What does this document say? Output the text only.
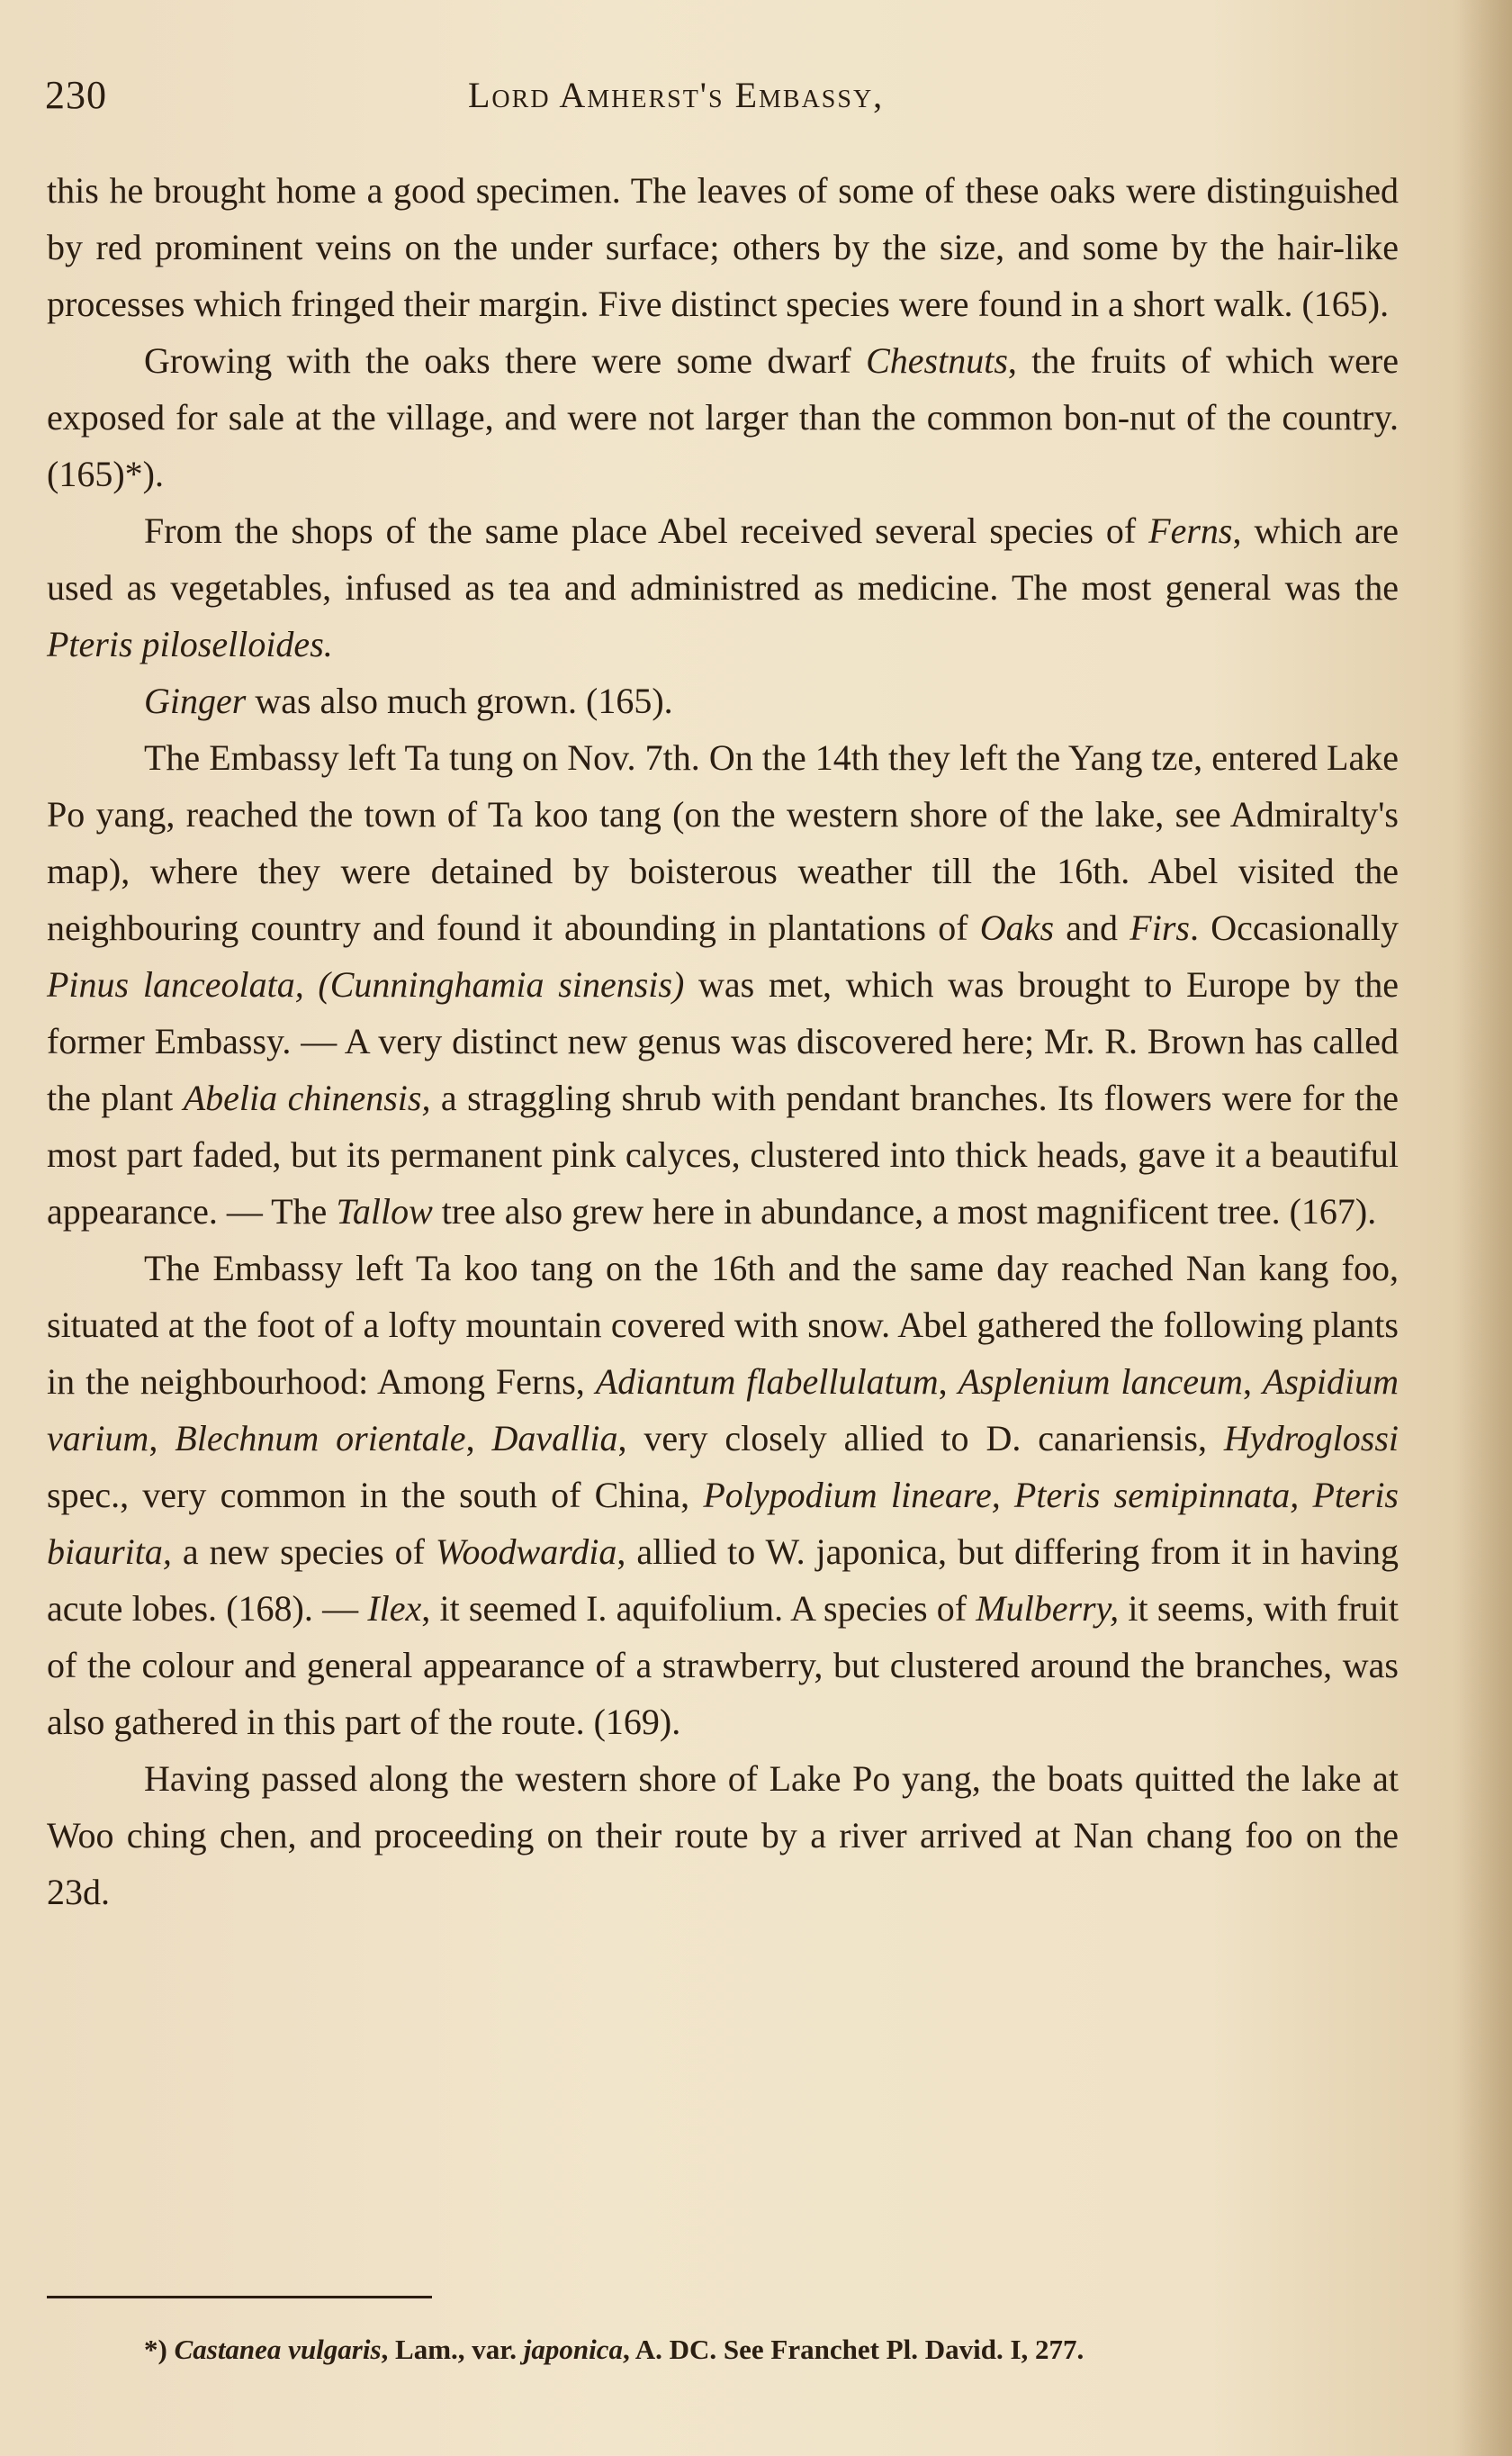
230	Lord Amherst's Embassy,

this he brought home a good specimen. The leaves of some of these oaks were distinguished by red prominent veins on the under surface; others by the size, and some by the hair-like processes which fringed their margin. Five distinct species were found in a short walk. (165).

Growing with the oaks there were some dwarf Chestnuts, the fruits of which were exposed for sale at the village, and were not larger than the common bon-nut of the country. (165)*).

From the shops of the same place Abel received several species of Ferns, which are used as vegetables, infused as tea and administred as medicine. The most general was the Pteris piloselloides.

Ginger was also much grown. (165).

The Embassy left Ta tung on Nov. 7th. On the 14th they left the Yang tze, entered Lake Po yang, reached the town of Ta koo tang (on the western shore of the lake, see Admiralty's map), where they were detained by boisterous weather till the 16th. Abel visited the neighbouring country and found it abounding in plantations of Oaks and Firs. Occasionally Pinus lanceolata, (Cunninghamia sinensis) was met, which was brought to Europe by the former Embassy. — A very distinct new genus was discovered here; Mr. R. Brown has called the plant Abelia chinensis, a straggling shrub with pendant branches. Its flowers were for the most part faded, but its permanent pink calyces, clustered into thick heads, gave it a beautiful appearance. — The Tallow tree also grew here in abundance, a most magnificent tree. (167).

The Embassy left Ta koo tang on the 16th and the same day reached Nan kang foo, situated at the foot of a lofty mountain covered with snow. Abel gathered the following plants in the neighbourhood: Among Ferns, Adiantum flabellulatum, Asplenium lanceum, Aspidium varium, Blechnum orientale, Davallia, very closely allied to D. canariensis, Hydroglossi spec., very common in the south of China, Polypodium lineare, Pteris semipinnata, Pteris biaurita, a new species of Woodwardia, allied to W. japonica, but differing from it in having acute lobes. (168). — Ilex, it seemed I. aquifolium. A species of Mulberry, it seems, with fruit of the colour and general appearance of a strawberry, but clustered around the branches, was also gathered in this part of the route. (169).

Having passed along the western shore of Lake Po yang, the boats quitted the lake at Woo ching chen, and proceeding on their route by a river arrived at Nan chang foo on the 23d.

*) Castanea vulgaris, Lam., var. japonica, A. DC. See Franchet Pl. David. I, 277.
